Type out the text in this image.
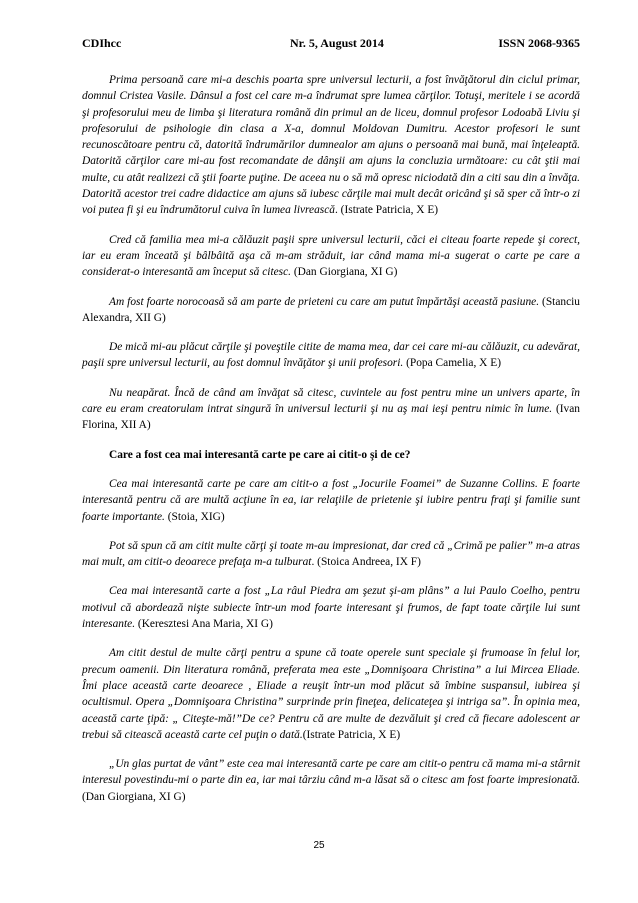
CDIhcc	Nr. 5, August 2014	ISSN 2068-9365

Prima persoană care mi-a deschis poarta spre universul lecturii, a fost învăţătorul din ciclul primar, domnul Cristea Vasile. Dânsul a fost cel care m-a îndrumat spre lumea cărţilor. Totuşi, meritele i se acordă şi profesorului meu de limba şi literatura română din primul an de liceu, domnul profesor Lodoabă Liviu şi profesorului de psihologie din clasa a X-a, domnul Moldovan Dumitru. Acestor profesori le sunt recunoscătoare pentru că, datorită îndrumărilor dumnealor am ajuns o persoană mai bună, mai înţeleaptă. Datorită cărţilor care mi-au fost recomandate de dânşii am ajuns la concluzia următoare: cu cât ştii mai multe, cu atât realizezi că ştii foarte puţine. De aceea nu o să mă opresc niciodată din a citi sau din a învăţa. Datorită acestor trei cadre didactice am ajuns să iubesc cărţile mai mult decât oricând şi să sper că într-o zi voi putea fi şi eu îndrumătorul cuiva în lumea livrească. (Istrate Patricia, X E)

Cred că familia mea mi-a călăuzit paşii spre universul lecturii, căci ei citeau foarte repede şi corect, iar eu eram înceată şi bâlbâită aşa că m-am străduit, iar când mama mi-a sugerat o carte pe care a considerat-o interesantă am început să citesc. (Dan Giorgiana, XI G)

Am fost foarte norocoasă să am parte de prieteni cu care am putut împărtăşi această pasiune. (Stanciu Alexandra, XII G)

De mică mi-au plăcut cărţile şi poveştile citite de mama mea, dar cei care mi-au călăuzit, cu adevărat, paşii spre universul lecturii, au fost domnul învăţător şi unii profesori. (Popa Camelia, X E)

Nu neapărat. Încă de când am învăţat să citesc, cuvintele au fost pentru mine un univers aparte, în care eu eram creatorulam intrat singură în universul lecturii şi nu aş mai ieşi pentru nimic în lume. (Ivan Florina, XII A)

Care a fost cea mai interesantă carte pe care ai citit-o şi de ce?

Cea mai interesantă carte pe care am citit-o a fost „Jocurile Foamei” de Suzanne Collins. E foarte interesantă pentru că are multă acţiune în ea, iar relaţiile de prietenie şi iubire pentru fraţi şi familie sunt foarte importante. (Stoia, XIG)

Pot să spun că am citit multe cărţi şi toate m-au impresionat, dar cred că „Crimă pe palier” m-a atras mai mult, am citit-o deoarece prefaţa m-a tulburat. (Stoica Andreea, IX F)

Cea mai interesantă carte a fost „La râul Piedra am şezut şi-am plâns” a lui Paulo Coelho, pentru motivul că abordează nişte subiecte într-un mod foarte interesant şi frumos, de fapt toate cărţile lui sunt interesante. (Keresztesi Ana Maria, XI G)

Am citit destul de multe cărţi pentru a spune că toate operele sunt speciale şi frumoase în felul lor, precum oamenii. Din literatura română, preferata mea este „Domnişoara Christina” a lui Mircea Eliade. Îmi place această carte deoarece , Eliade a reuşit într-un mod plăcut să îmbine suspansul, iubirea şi ocultismul. Opera „Domnişoara Christina” surprinde prin fineţea, delicateţea şi intriga sa”. În opinia mea, această carte ţipă: „ Citeşte-mă!”De ce? Pentru că are multe de dezvăluit şi cred că fiecare adolescent ar trebui să citească această carte cel puţin o dată.(Istrate Patricia, X E)

„Un glas purtat de vânt” este cea mai interesantă carte pe care am citit-o pentru că mama mi-a stârnit interesul povestindu-mi o parte din ea, iar mai târziu când m-a lăsat să o citesc am fost foarte impresionată. (Dan Giorgiana, XI G)

25
